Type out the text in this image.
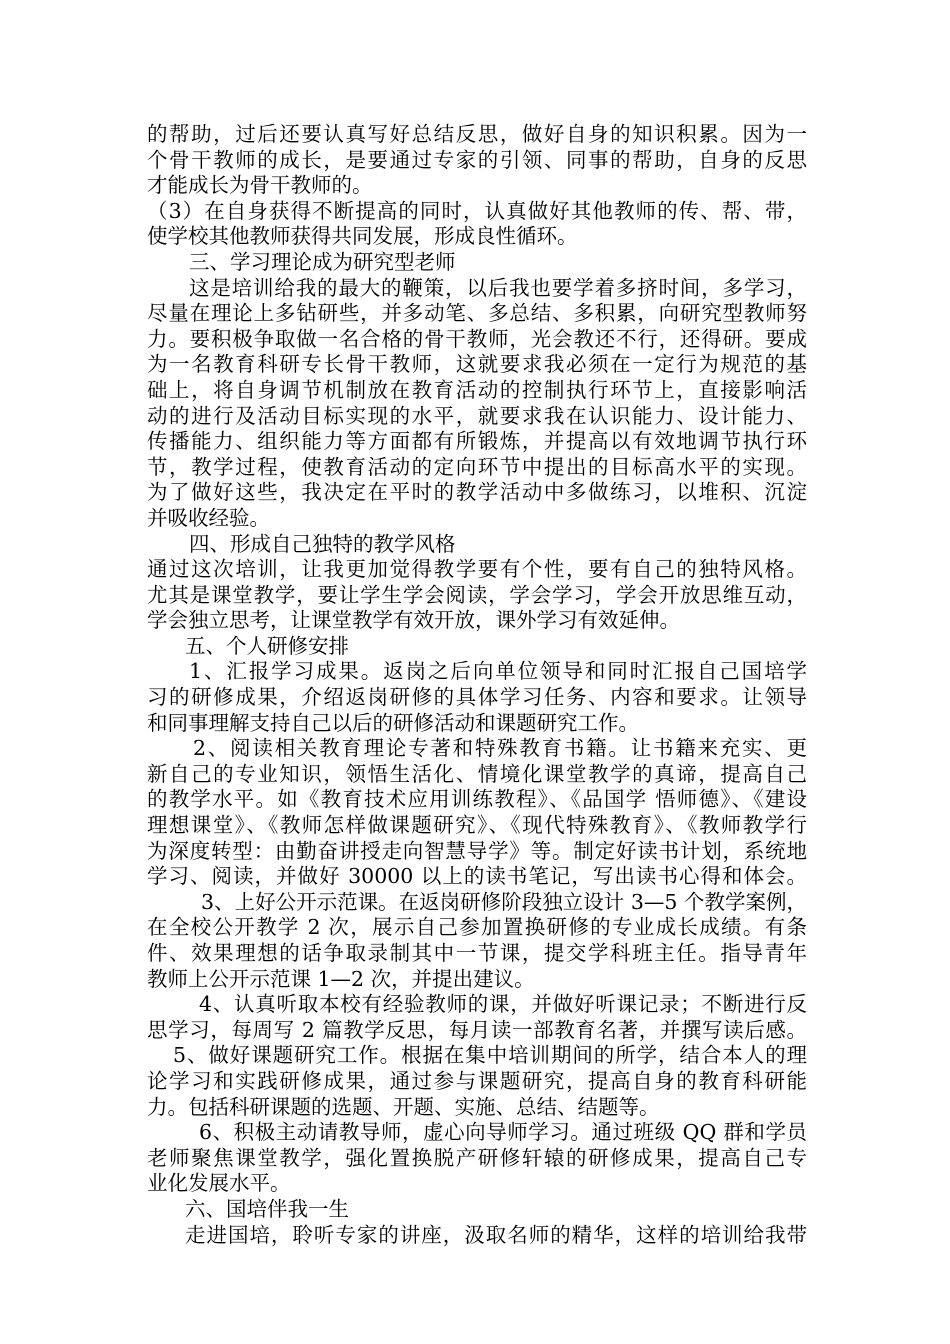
的帮助，过后还要认真写好总结反思，做好自身的知识积累。因为一
个骨干教师的成长，是要通过专家的引领、同事的帮助，自身的反思
才能成长为骨干教师的。
（3）在自身获得不断提高的同时，认真做好其他教师的传、帮、带，
使学校其他教师获得共同发展，形成良性循环。
三、学习理论成为研究型老师
这是培训给我的最大的鞭策，以后我也要学着多挤时间，多学习，
尽量在理论上多钻研些，并多动笔、多总结、多积累，向研究型教师努
力。要积极争取做一名合格的骨干教师，光会教还不行，还得研。要成
为一名教育科研专长骨干教师，这就要求我必须在一定行为规范的基
础上，将自身调节机制放在教育活动的控制执行环节上，直接影响活
动的进行及活动目标实现的水平，就要求我在认识能力、设计能力、
传播能力、组织能力等方面都有所锻炼，并提高以有效地调节执行环
节，教学过程，使教育活动的定向环节中提出的目标高水平的实现。
为了做好这些，我决定在平时的教学活动中多做练习，以堆积、沉淀
并吸收经验。
四、形成自己独特的教学风格
通过这次培训，让我更加觉得教学要有个性，要有自己的独特风格。
尤其是课堂教学，要让学生学会阅读，学会学习，学会开放思维互动，
学会独立思考，让课堂教学有效开放，课外学习有效延伸。
五、个人研修安排
1、汇报学习成果。返岗之后向单位领导和同时汇报自己国培学
习的研修成果，介绍返岗研修的具体学习任务、内容和要求。让领导
和同事理解支持自己以后的研修活动和课题研究工作。
2、阅读相关教育理论专著和特殊教育书籍。让书籍来充实、更
新自己的专业知识，领悟生活化、情境化课堂教学的真谛，提高自己
的教学水平。如《教育技术应用训练教程》、《品国学 悟师德》、《建设
理想课堂》、《教师怎样做课题研究》、《现代特殊教育》、《教师教学行
为深度转型：由勤奋讲授走向智慧导学》等。制定好读书计划，系统地
学习、阅读，并做好 30000 以上的读书笔记，写出读书心得和体会。
3、上好公开示范课。在返岗研修阶段独立设计 3—5 个教学案例，
在全校公开教学 2 次，展示自己参加置换研修的专业成长成绩。有条
件、效果理想的话争取录制其中一节课，提交学科班主任。指导青年
教师上公开示范课 1—2 次，并提出建议。
4、认真听取本校有经验教师的课，并做好听课记录；不断进行反
思学习，每周写 2 篇教学反思，每月读一部教育名著，并撰写读后感。
5、做好课题研究工作。根据在集中培训期间的所学，结合本人的理
论学习和实践研修成果，通过参与课题研究，提高自身的教育科研能
力。包括科研课题的选题、开题、实施、总结、结题等。
6、积极主动请教导师，虚心向导师学习。通过班级 QQ 群和学员
老师聚焦课堂教学，强化置换脱产研修轩辕的研修成果，提高自己专
业化发展水平。
六、国培伴我一生
走进国培，聆听专家的讲座，汲取名师的精华，这样的培训给我带
